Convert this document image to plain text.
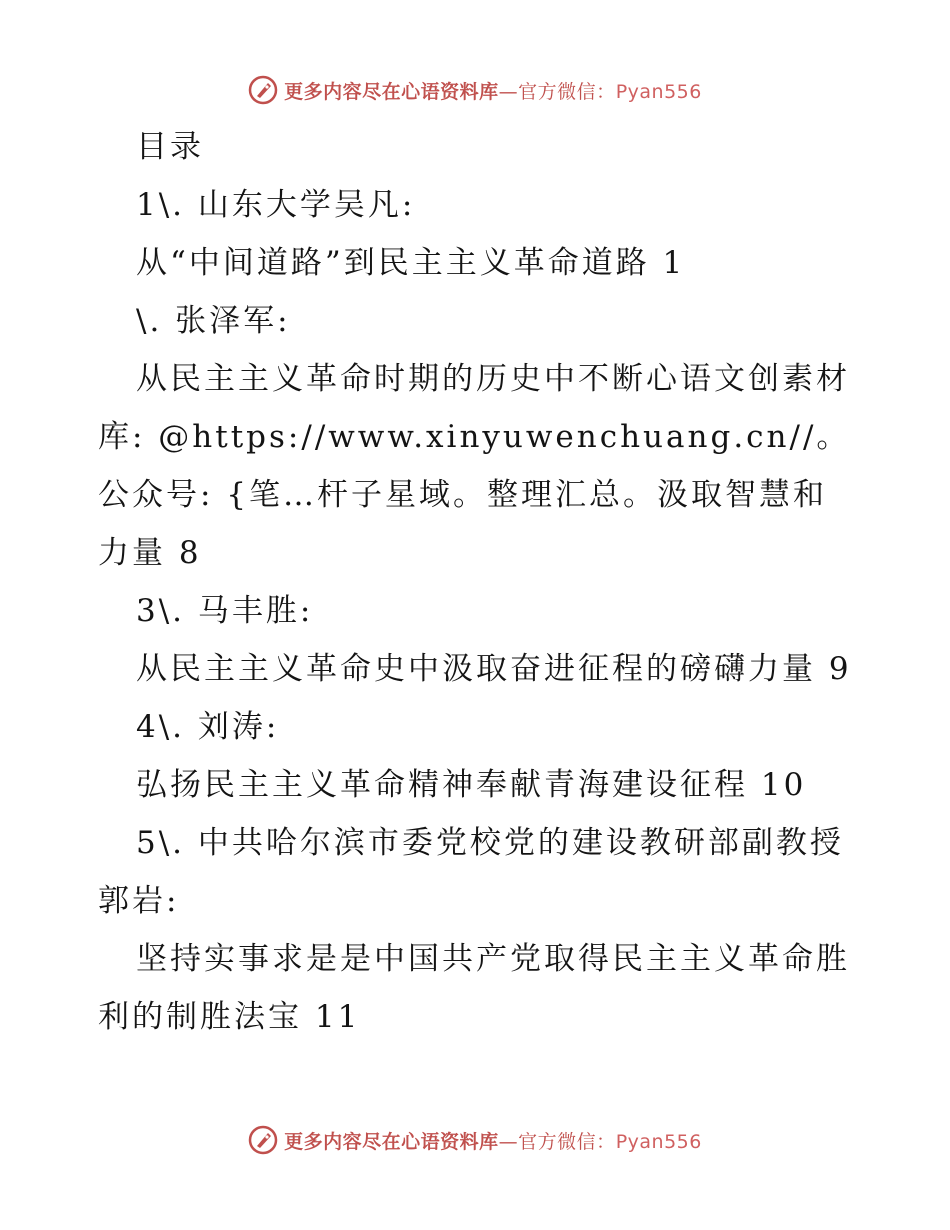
更多内容尽在心语资料库—官方微信：Pyan556

目录

1\. 山东大学吴凡:

从“中间道路”到民主主义革命道路 1

\. 张泽军:

从民主主义革命时期的历史中不断心语文创素材库: @https://www.xinyuwenchuang.cn//。公众号: {笔…杆子星域。整理汇总。汲取智慧和力量 8

3\. 马丰胜:

从民主主义革命史中汲取奋进征程的磅礴力量 9

4\. 刘涛:

弘扬民主主义革命精神奉献青海建设征程 10

5\. 中共哈尔滨市委党校党的建设教研部副教授郭岩:

坚持实事求是是中国共产党取得民主主义革命胜利的制胜法宝 11

更多内容尽在心语资料库—官方微信：Pyan556
